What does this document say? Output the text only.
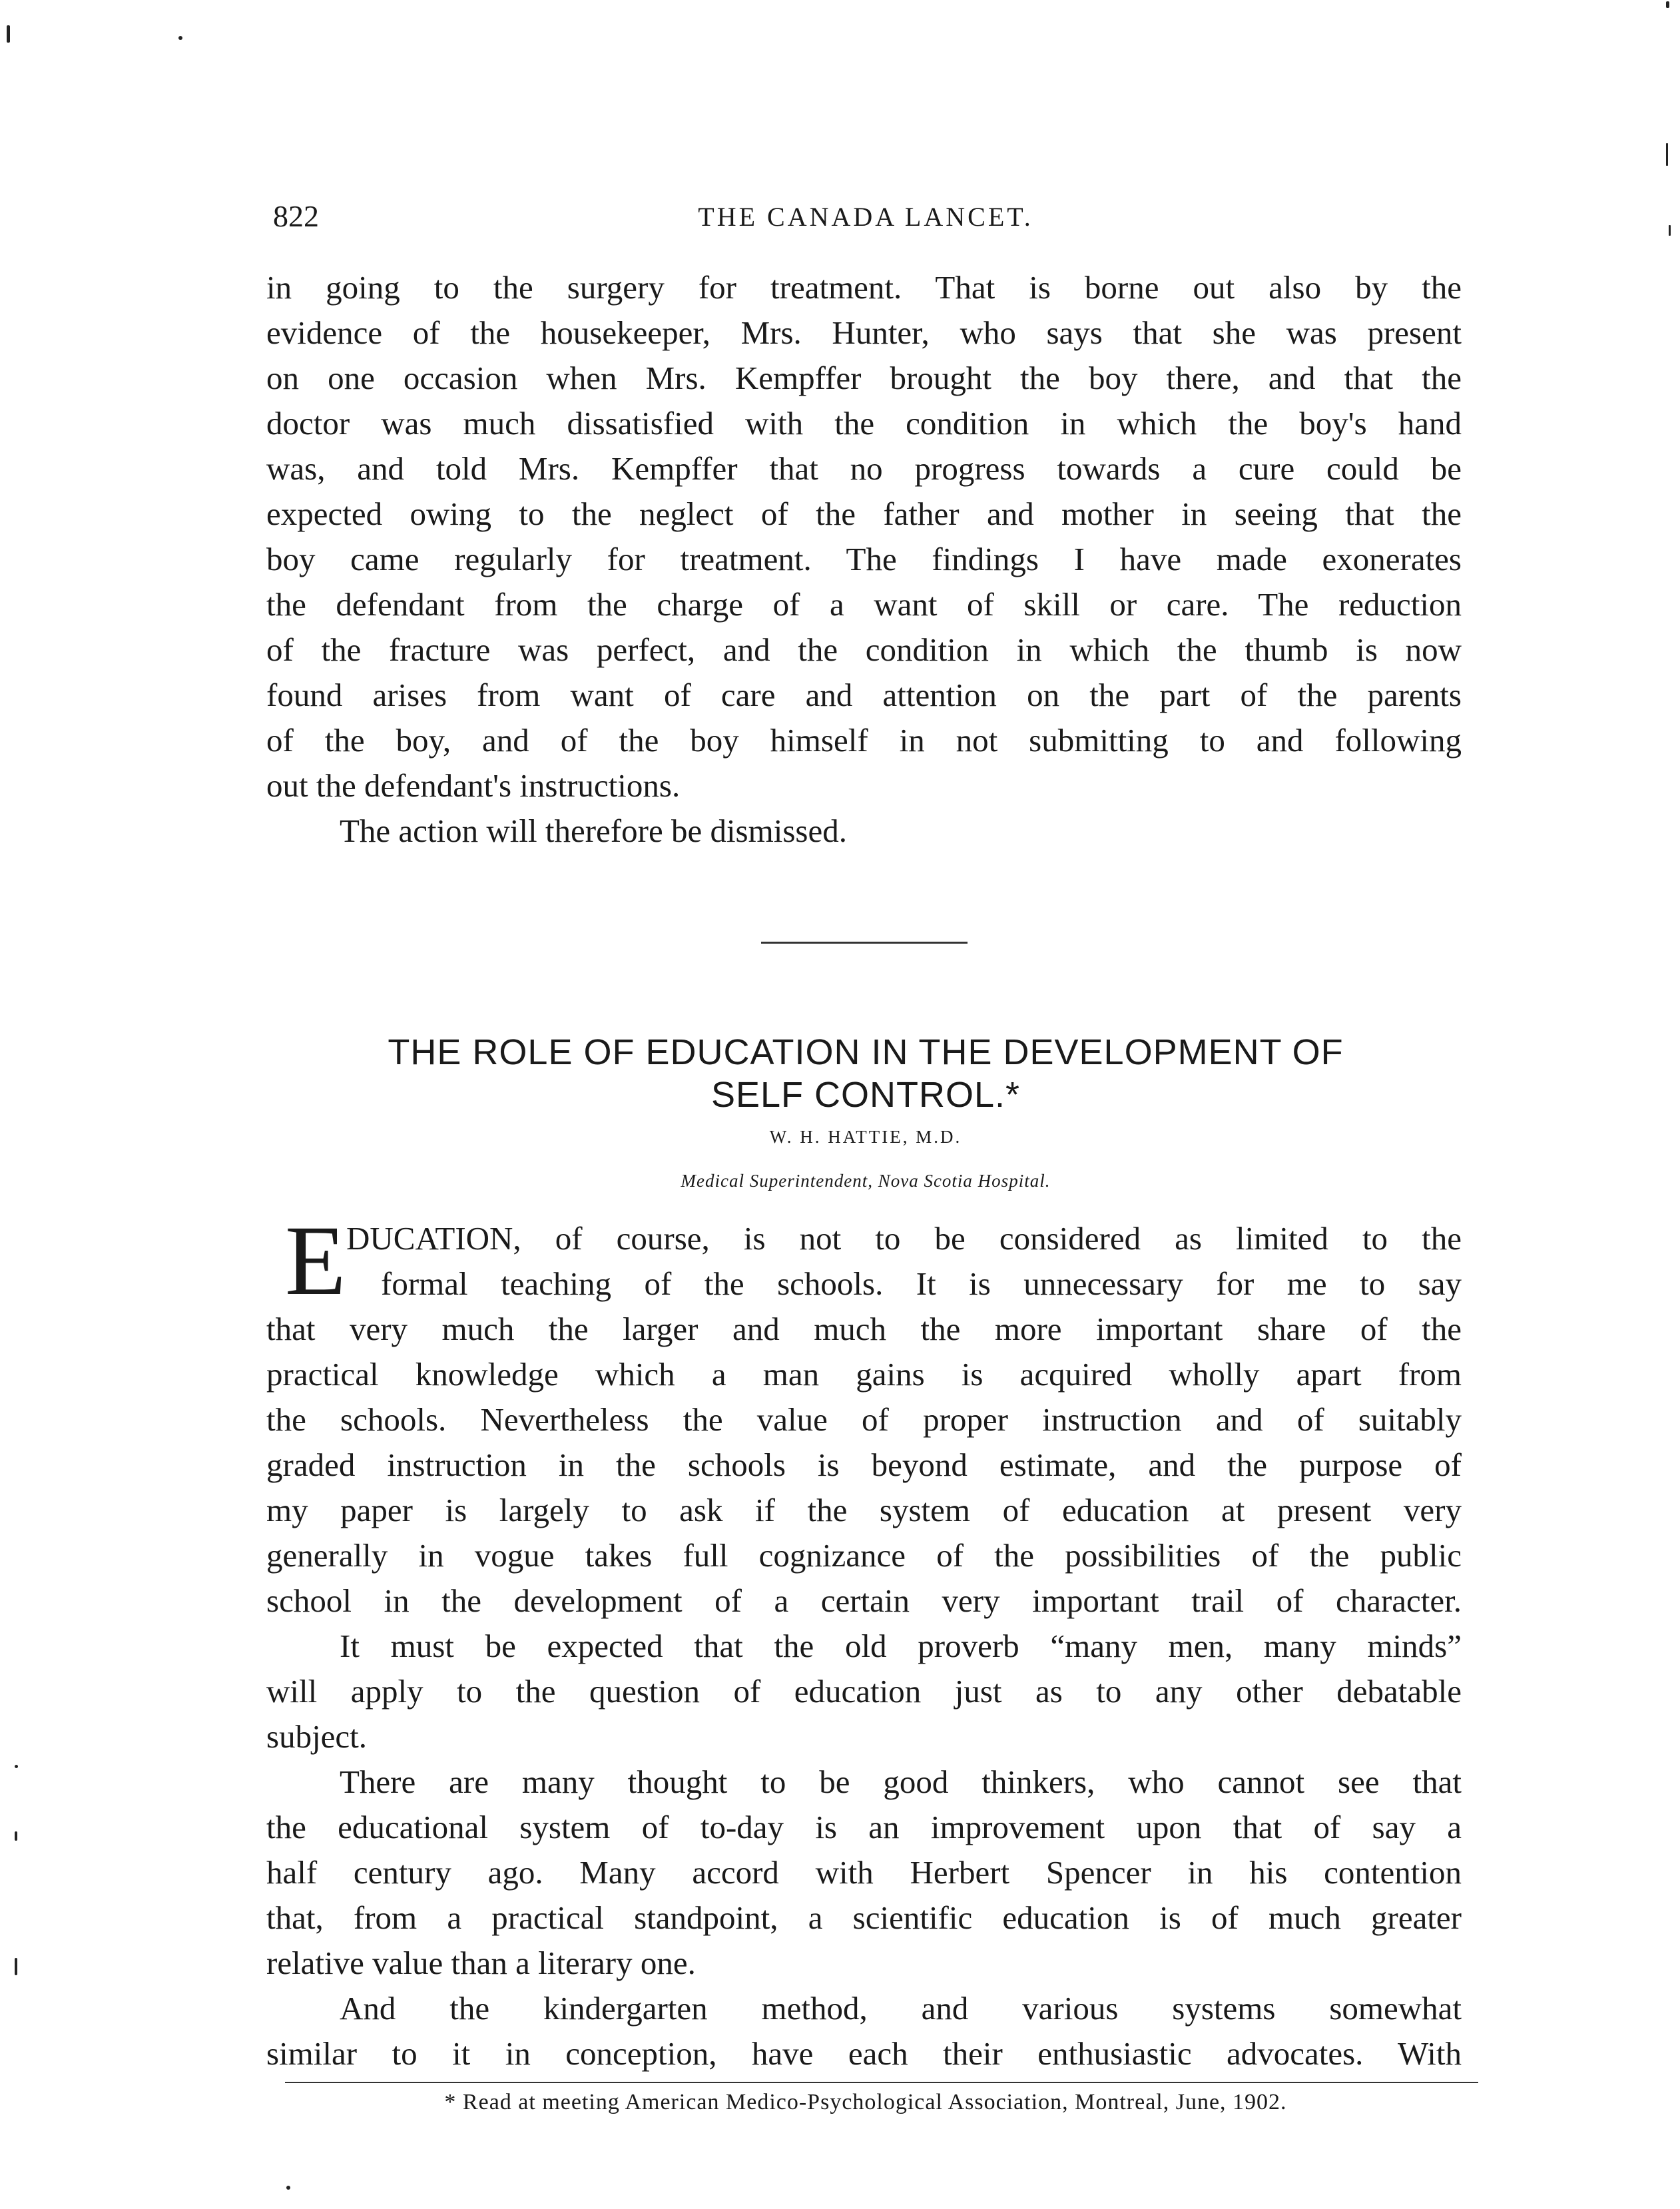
822	THE CANADA LANCET.
in going to the surgery for treatment. That is borne out also by the
evidence of the housekeeper, Mrs. Hunter, who says that she was present
on one occasion when Mrs. Kempffer brought the boy there, and that the
doctor was much dissatisfied with the condition in which the boy's hand
was, and told Mrs. Kempffer that no progress towards a cure could be
expected owing to the neglect of the father and mother in seeing that the
boy came regularly for treatment. The findings I have made exonerates
the defendant from the charge of a want of skill or care. The reduction
of the fracture was perfect, and the condition in which the thumb is now
found arises from want of care and attention on the part of the parents
of the boy, and of the boy himself in not submitting to and following
out the defendant's instructions.
The action will therefore be dismissed.
THE ROLE OF EDUCATION IN THE DEVELOPMENT OF
SELF CONTROL.*
W. H. HATTIE, M.D.
Medical Superintendent, Nova Scotia Hospital.
E DUCATION, of course, is not to be considered as limited to the
formal teaching of the schools. It is unnecessary for me to say
that very much the larger and much the more important share of the
practical knowledge which a man gains is acquired wholly apart from
the schools. Nevertheless the value of proper instruction and of suitably
graded instruction in the schools is beyond estimate, and the purpose of
my paper is largely to ask if the system of education at present very
generally in vogue takes full cognizance of the possibilities of the public
school in the development of a certain very important trail of character.
It must be expected that the old proverb “many men, many minds”
will apply to the question of education just as to any other debatable
subject.
There are many thought to be good thinkers, who cannot see that
the educational system of to-day is an improvement upon that of say a
half century ago. Many accord with Herbert Spencer in his contention
that, from a practical standpoint, a scientific education is of much greater
relative value than a literary one.
And the kindergarten method, and various systems somewhat
similar to it in conception, have each their enthusiastic advocates. With
* Read at meeting American Medico-Psychological Association, Montreal, June, 1902.
